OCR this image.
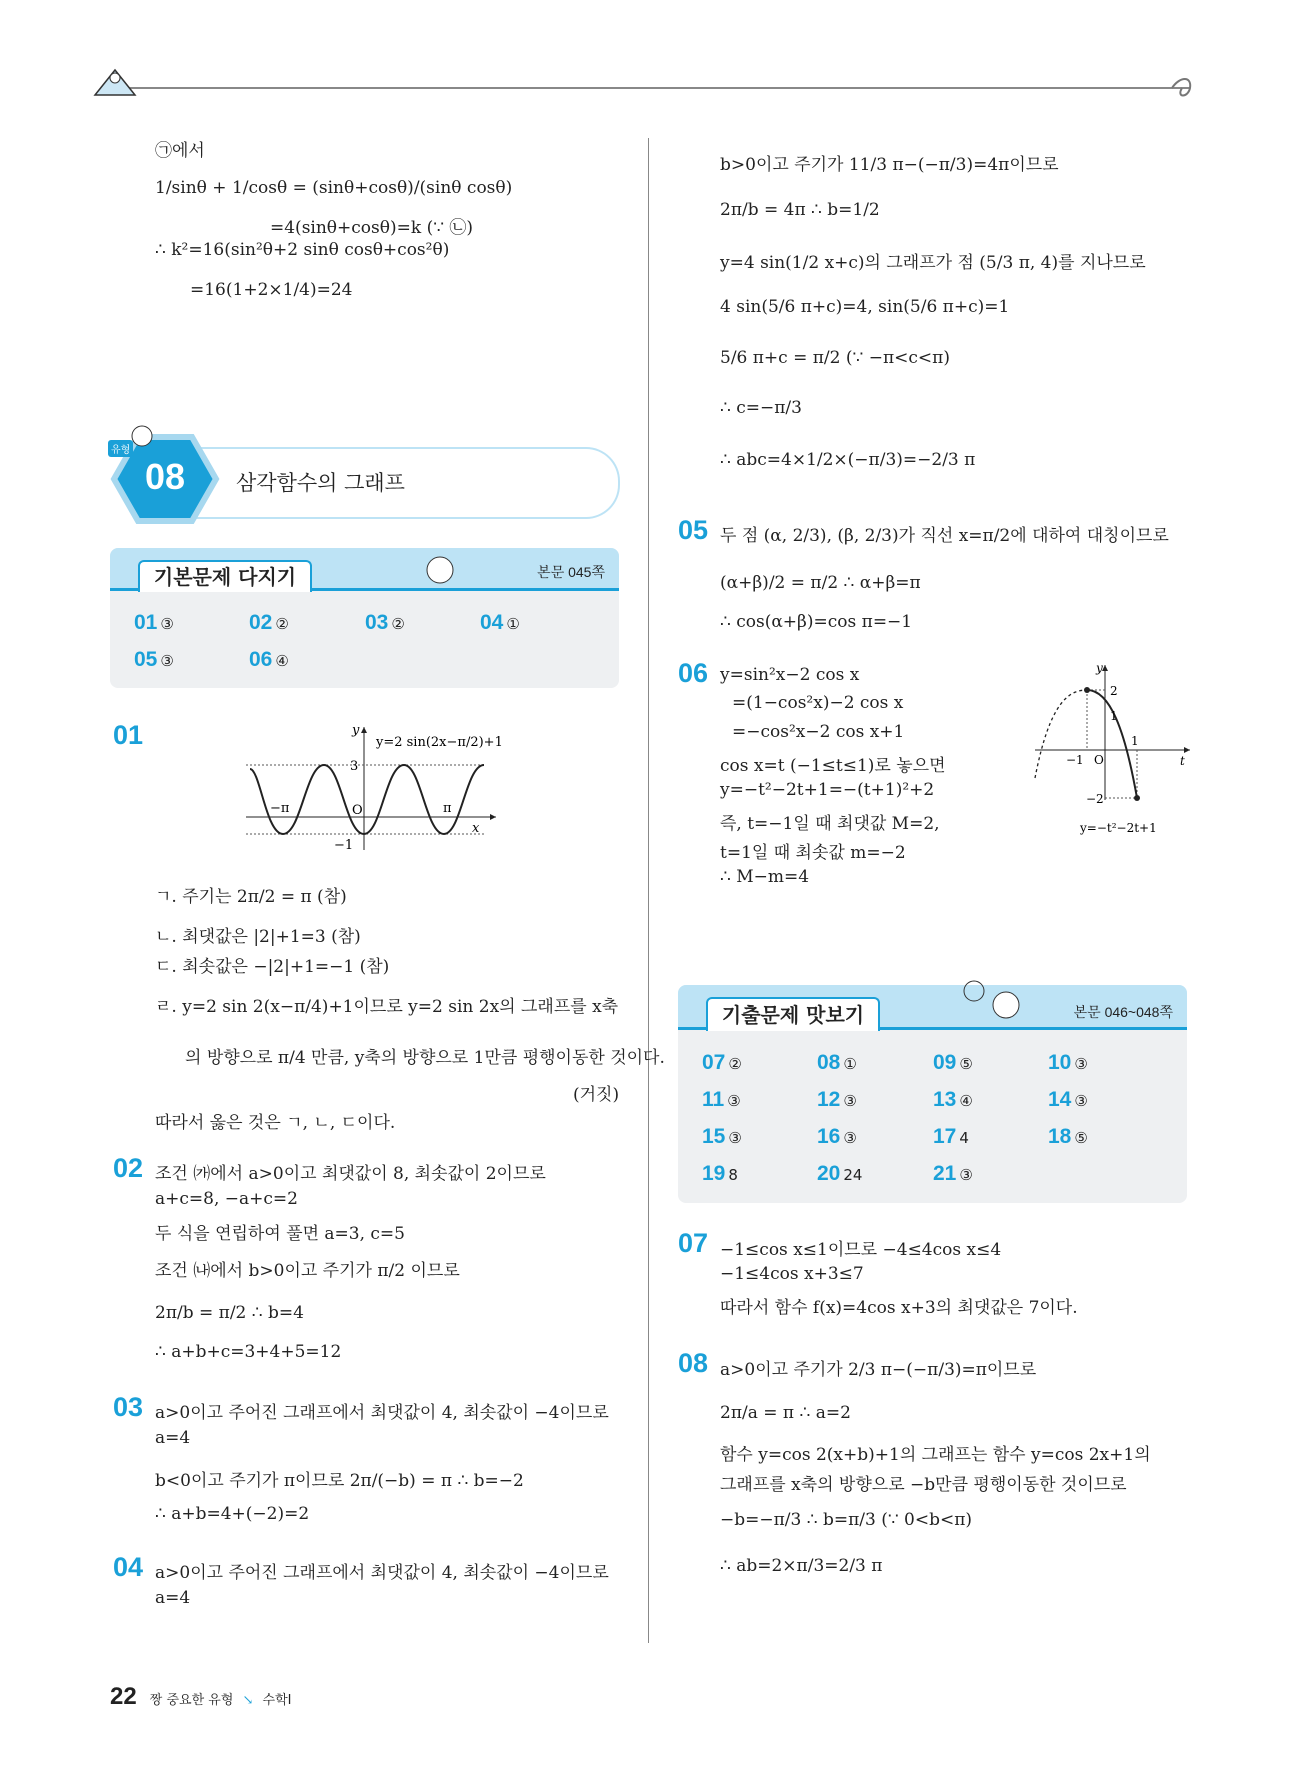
㉠에서
1/sinθ + 1/cosθ = (sinθ+cosθ)/(sinθ cosθ)
=4(sinθ+cosθ)=k (∵ ㉡)
∴ k²=16(sin²θ+2 sinθ cosθ+cos²θ)
=16(1+2×1/4)=24
08
유형
삼각함수의 그래프
기본문제 다지기	본문 045쪽
01 ③	02 ②	03 ②	04 ①
05 ③	06 ④
01	y
x
O
3
−1
−π	π
y=2 sin(2x−π/2)+1
ㄱ. 주기는 2π/2 = π (참)
ㄴ. 최댓값은 |2|+1=3 (참)
ㄷ. 최솟값은 −|2|+1=−1 (참)
ㄹ. y=2 sin 2(x−π/4)+1이므로 y=2 sin 2x의 그래프를 x축
의 방향으로 π/4 만큼, y축의 방향으로 1만큼 평행이동한 것이다.
(거짓)
따라서 옳은 것은 ㄱ, ㄴ, ㄷ이다.
02 조건 ㈎에서 a>0이고 최댓값이 8, 최솟값이 2이므로
a+c=8, −a+c=2
두 식을 연립하여 풀면 a=3, c=5
조건 ㈏에서 b>0이고 주기가 π/2 이므로
2π/b = π/2 ∴ b=4
∴ a+b+c=3+4+5=12
03 a>0이고 주어진 그래프에서 최댓값이 4, 최솟값이 −4이므로
a=4
b<0이고 주기가 π이므로 2π/(−b) = π ∴ b=−2
∴ a+b=4+(−2)=2
04 a>0이고 주어진 그래프에서 최댓값이 4, 최솟값이 −4이므로
a=4
b>0이고 주기가 11/3 π−(−π/3)=4π이므로
2π/b = 4π ∴ b=1/2
y=4 sin(1/2 x+c)의 그래프가 점 (5/3 π, 4)를 지나므로
4 sin(5/6 π+c)=4, sin(5/6 π+c)=1
5/6 π+c = π/2 (∵ −π<c<π)
∴ c=−π/3
∴ abc=4×1/2×(−π/3)=−2/3 π
05 두 점 (α, 2/3), (β, 2/3)가 직선 x=π/2에 대하여 대칭이므로
(α+β)/2 = π/2 ∴ α+β=π
∴ cos(α+β)=cos π=−1
06 y=sin²x−2 cos x
=(1−cos²x)−2 cos x
=−cos²x−2 cos x+1
cos x=t (−1≤t≤1)로 놓으면
y=−t²−2t+1=−(t+1)²+2
즉, t=−1일 때 최댓값 M=2,
t=1일 때 최솟값 m=−2
∴ M−m=4
y
t
O
2
1
−1
1
−2
y=−t²−2t+1
기출문제 맛보기	본문 046~048쪽
07 ②	08 ①	09 ⑤	10 ③
11 ③	12 ③	13 ④	14 ③
15 ③	16 ③	17 4	18 ⑤
19 8	20 24	21 ③
07 −1≤cos x≤1이므로 −4≤4cos x≤4
−1≤4cos x+3≤7
따라서 함수 f(x)=4cos x+3의 최댓값은 7이다.
08 a>0이고 주기가 2/3 π−(−π/3)=π이므로
2π/a = π ∴ a=2
함수 y=cos 2(x+b)+1의 그래프는 함수 y=cos 2x+1의
그래프를 x축의 방향으로 −b만큼 평행이동한 것이므로
−b=−π/3 ∴ b=π/3 (∵ 0<b<π)
∴ ab=2×π/3=2/3 π
22 짱 중요한 유형 ↘ 수학Ⅰ
